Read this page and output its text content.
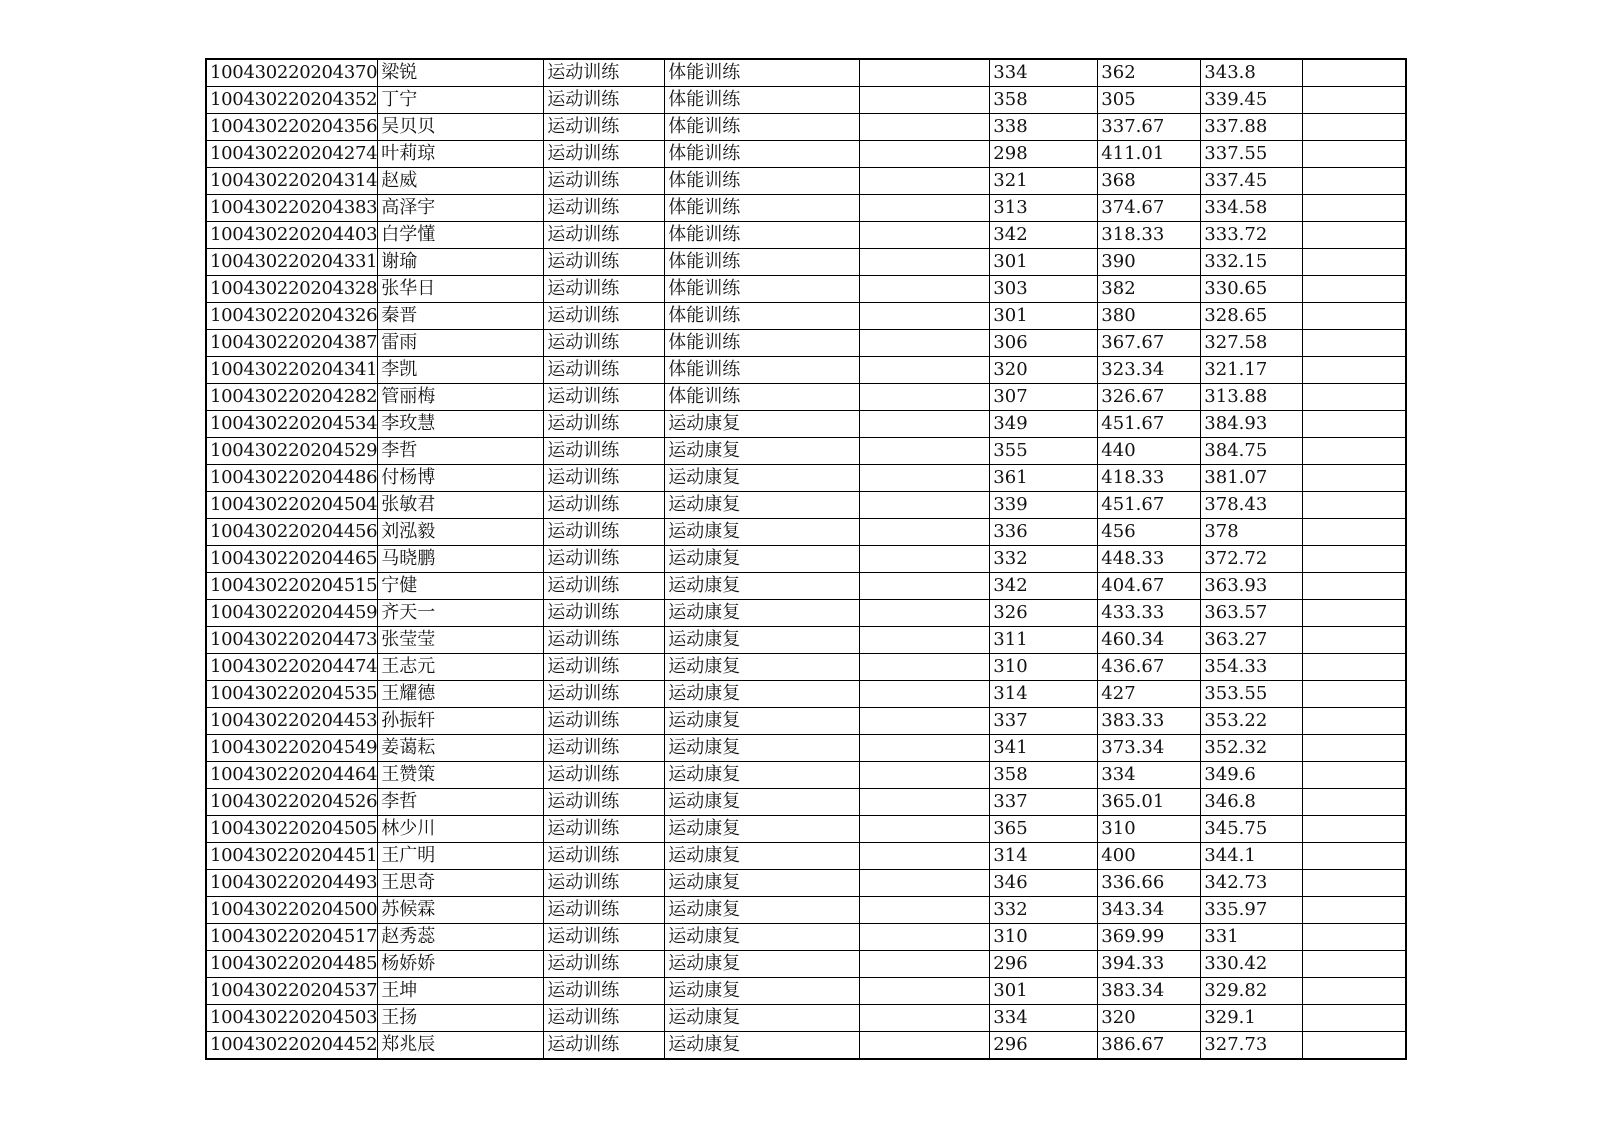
100430220204370	梁锐	运动训练	体能训练		334	362	343.8	
100430220204352	丁宁	运动训练	体能训练		358	305	339.45	
100430220204356	吴贝贝	运动训练	体能训练		338	337.67	337.88	
100430220204274	叶莉琼	运动训练	体能训练		298	411.01	337.55	
100430220204314	赵威	运动训练	体能训练		321	368	337.45	
100430220204383	高泽宇	运动训练	体能训练		313	374.67	334.58	
100430220204403	白学懂	运动训练	体能训练		342	318.33	333.72	
100430220204331	谢瑜	运动训练	体能训练		301	390	332.15	
100430220204328	张华日	运动训练	体能训练		303	382	330.65	
100430220204326	秦晋	运动训练	体能训练		301	380	328.65	
100430220204387	雷雨	运动训练	体能训练		306	367.67	327.58	
100430220204341	李凯	运动训练	体能训练		320	323.34	321.17	
100430220204282	管丽梅	运动训练	体能训练		307	326.67	313.88	
100430220204534	李玫慧	运动训练	运动康复		349	451.67	384.93	
100430220204529	李哲	运动训练	运动康复		355	440	384.75	
100430220204486	付杨博	运动训练	运动康复		361	418.33	381.07	
100430220204504	张敏君	运动训练	运动康复		339	451.67	378.43	
100430220204456	刘泓毅	运动训练	运动康复		336	456	378	
100430220204465	马晓鹏	运动训练	运动康复		332	448.33	372.72	
100430220204515	宁健	运动训练	运动康复		342	404.67	363.93	
100430220204459	齐天一	运动训练	运动康复		326	433.33	363.57	
100430220204473	张莹莹	运动训练	运动康复		311	460.34	363.27	
100430220204474	王志元	运动训练	运动康复		310	436.67	354.33	
100430220204535	王耀德	运动训练	运动康复		314	427	353.55	
100430220204453	孙振轩	运动训练	运动康复		337	383.33	353.22	
100430220204549	姜蔼耘	运动训练	运动康复		341	373.34	352.32	
100430220204464	王赞策	运动训练	运动康复		358	334	349.6	
100430220204526	李哲	运动训练	运动康复		337	365.01	346.8	
100430220204505	林少川	运动训练	运动康复		365	310	345.75	
100430220204451	王广明	运动训练	运动康复		314	400	344.1	
100430220204493	王思奇	运动训练	运动康复		346	336.66	342.73	
100430220204500	苏候霖	运动训练	运动康复		332	343.34	335.97	
100430220204517	赵秀蕊	运动训练	运动康复		310	369.99	331	
100430220204485	杨娇娇	运动训练	运动康复		296	394.33	330.42	
100430220204537	王坤	运动训练	运动康复		301	383.34	329.82	
100430220204503	王扬	运动训练	运动康复		334	320	329.1	
100430220204452	郑兆辰	运动训练	运动康复		296	386.67	327.73	
